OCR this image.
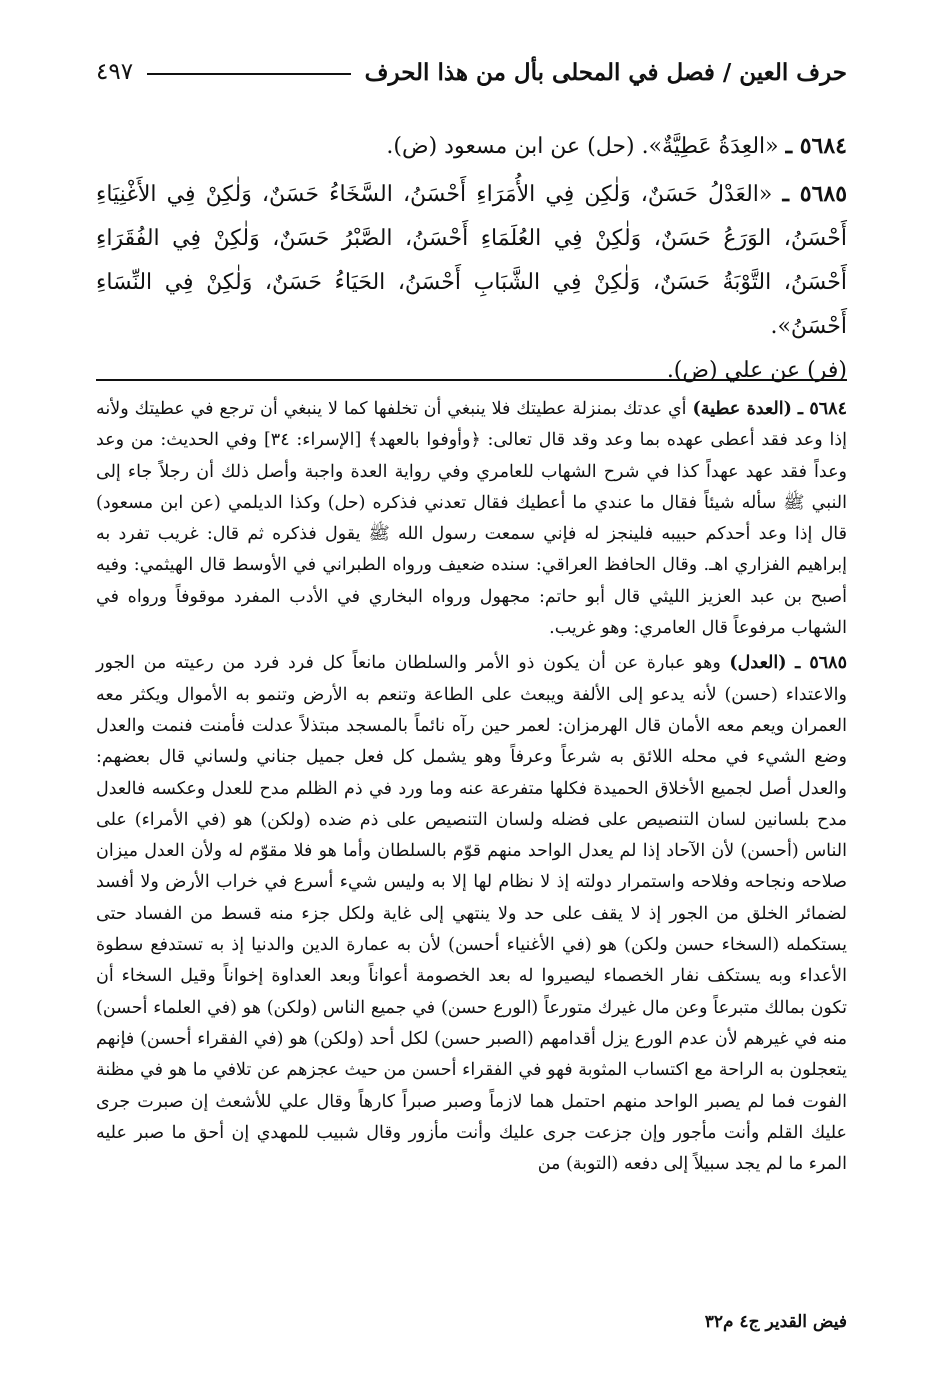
حرف العين / فصل في المحلى بأل من هذا الحرف
٤٩٧
٥٦٨٤ ـ «العِدَةُ عَطِيَّةٌ». (حل) عن ابن مسعود (ض).
٥٦٨٥ ـ «العَدْلُ حَسَنٌ، وَلٰكِن فِي الأُمَرَاءِ أَحْسَنُ، السَّخَاءُ حَسَنٌ، وَلٰكِنْ فِي الأَغْنِيَاءِ أَحْسَنُ، الوَرَعُ حَسَنٌ، وَلٰكِنْ فِي العُلَمَاءِ أَحْسَنُ، الصَّبْرُ حَسَنٌ، وَلٰكِنْ فِي الفُقَرَاءِ أَحْسَنُ، التَّوْبَةُ حَسَنٌ، وَلٰكِنْ فِي الشَّبَابِ أَحْسَنُ، الحَيَاءُ حَسَنٌ، وَلٰكِنْ فِي النِّسَاءِ أَحْسَنُ».
(فر) عن علي (ض).

٥٦٨٤ ـ (العدة عطية) أي عدتك بمنزلة عطيتك فلا ينبغي أن تخلفها كما لا ينبغي أن ترجع في عطيتك ولأنه إذا وعد فقد أعطى عهده بما وعد وقد قال تعالى: ﴿وأوفوا بالعهد﴾ [الإسراء: ٣٤] وفي الحديث: من وعد وعداً فقد عهد عهداً كذا في شرح الشهاب للعامري وفي رواية العدة واجبة وأصل ذلك أن رجلاً جاء إلى النبي ﷺ سأله شيئاً فقال ما عندي ما أعطيك فقال تعدني فذكره (حل) وكذا الديلمي (عن ابن مسعود) قال إذا وعد أحدكم حبيبه فلينجز له فإني سمعت رسول الله ﷺ يقول فذكره ثم قال: غريب تفرد به إبراهيم الفزاري اهـ. وقال الحافظ العراقي: سنده ضعيف ورواه الطبراني في الأوسط قال الهيثمي: وفيه أصبح بن عبد العزيز الليثي قال أبو حاتم: مجهول ورواه البخاري في الأدب المفرد موقوفاً ورواه في الشهاب مرفوعاً قال العامري: وهو غريب.

٥٦٨٥ ـ (العدل) وهو عبارة عن أن يكون ذو الأمر والسلطان مانعاً كل فرد فرد من رعيته من الجور والاعتداء (حسن) لأنه يدعو إلى الألفة ويبعث على الطاعة وتنعم به الأرض وتنمو به الأموال ويكثر معه العمران ويعم معه الأمان قال الهرمزان: لعمر حين رآه نائماً بالمسجد مبتذلاً عدلت فأمنت فنمت والعدل وضع الشيء في محله اللائق به شرعاً وعرفاً وهو يشمل كل فعل جميل جناني ولساني قال بعضهم: والعدل أصل لجميع الأخلاق الحميدة فكلها متفرعة عنه وما ورد في ذم الظلم مدح للعدل وعكسه فالعدل مدح بلسانين لسان التنصيص على فضله ولسان التنصيص على ذم ضده (ولكن) هو (في الأمراء) على الناس (أحسن) لأن الآحاد إذا لم يعدل الواحد منهم قوّم بالسلطان وأما هو فلا مقوّم له ولأن العدل ميزان صلاحه ونجاحه وفلاحه واستمرار دولته إذ لا نظام لها إلا به وليس شيء أسرع في خراب الأرض ولا أفسد لضمائر الخلق من الجور إذ لا يقف على حد ولا ينتهي إلى غاية ولكل جزء منه قسط من الفساد حتى يستكمله (السخاء حسن ولكن) هو (في الأغنياء أحسن) لأن به عمارة الدين والدنيا إذ به تستدفع سطوة الأعداء وبه يستكف نفار الخصماء ليصيروا له بعد الخصومة أعواناً وبعد العداوة إخواناً وقيل السخاء أن تكون بمالك متبرعاً وعن مال غيرك متورعاً (الورع حسن) في جميع الناس (ولكن) هو (في العلماء أحسن) منه في غيرهم لأن عدم الورع يزل أقدامهم (الصبر حسن) لكل أحد (ولكن) هو (في الفقراء أحسن) فإنهم يتعجلون به الراحة مع اكتساب المثوبة فهو في الفقراء أحسن من حيث عجزهم عن تلافي ما هو في مظنة الفوت فما لم يصبر الواحد منهم احتمل هما لازماً وصبر صبراً كارهاً وقال علي للأشعث إن صبرت جرى عليك القلم وأنت مأجور وإن جزعت جرى عليك وأنت مأزور وقال شبيب للمهدي إن أحق ما صبر عليه المرء ما لم يجد سبيلاً إلى دفعه (التوبة) من

فيض القدير ج٤ م٣٢
